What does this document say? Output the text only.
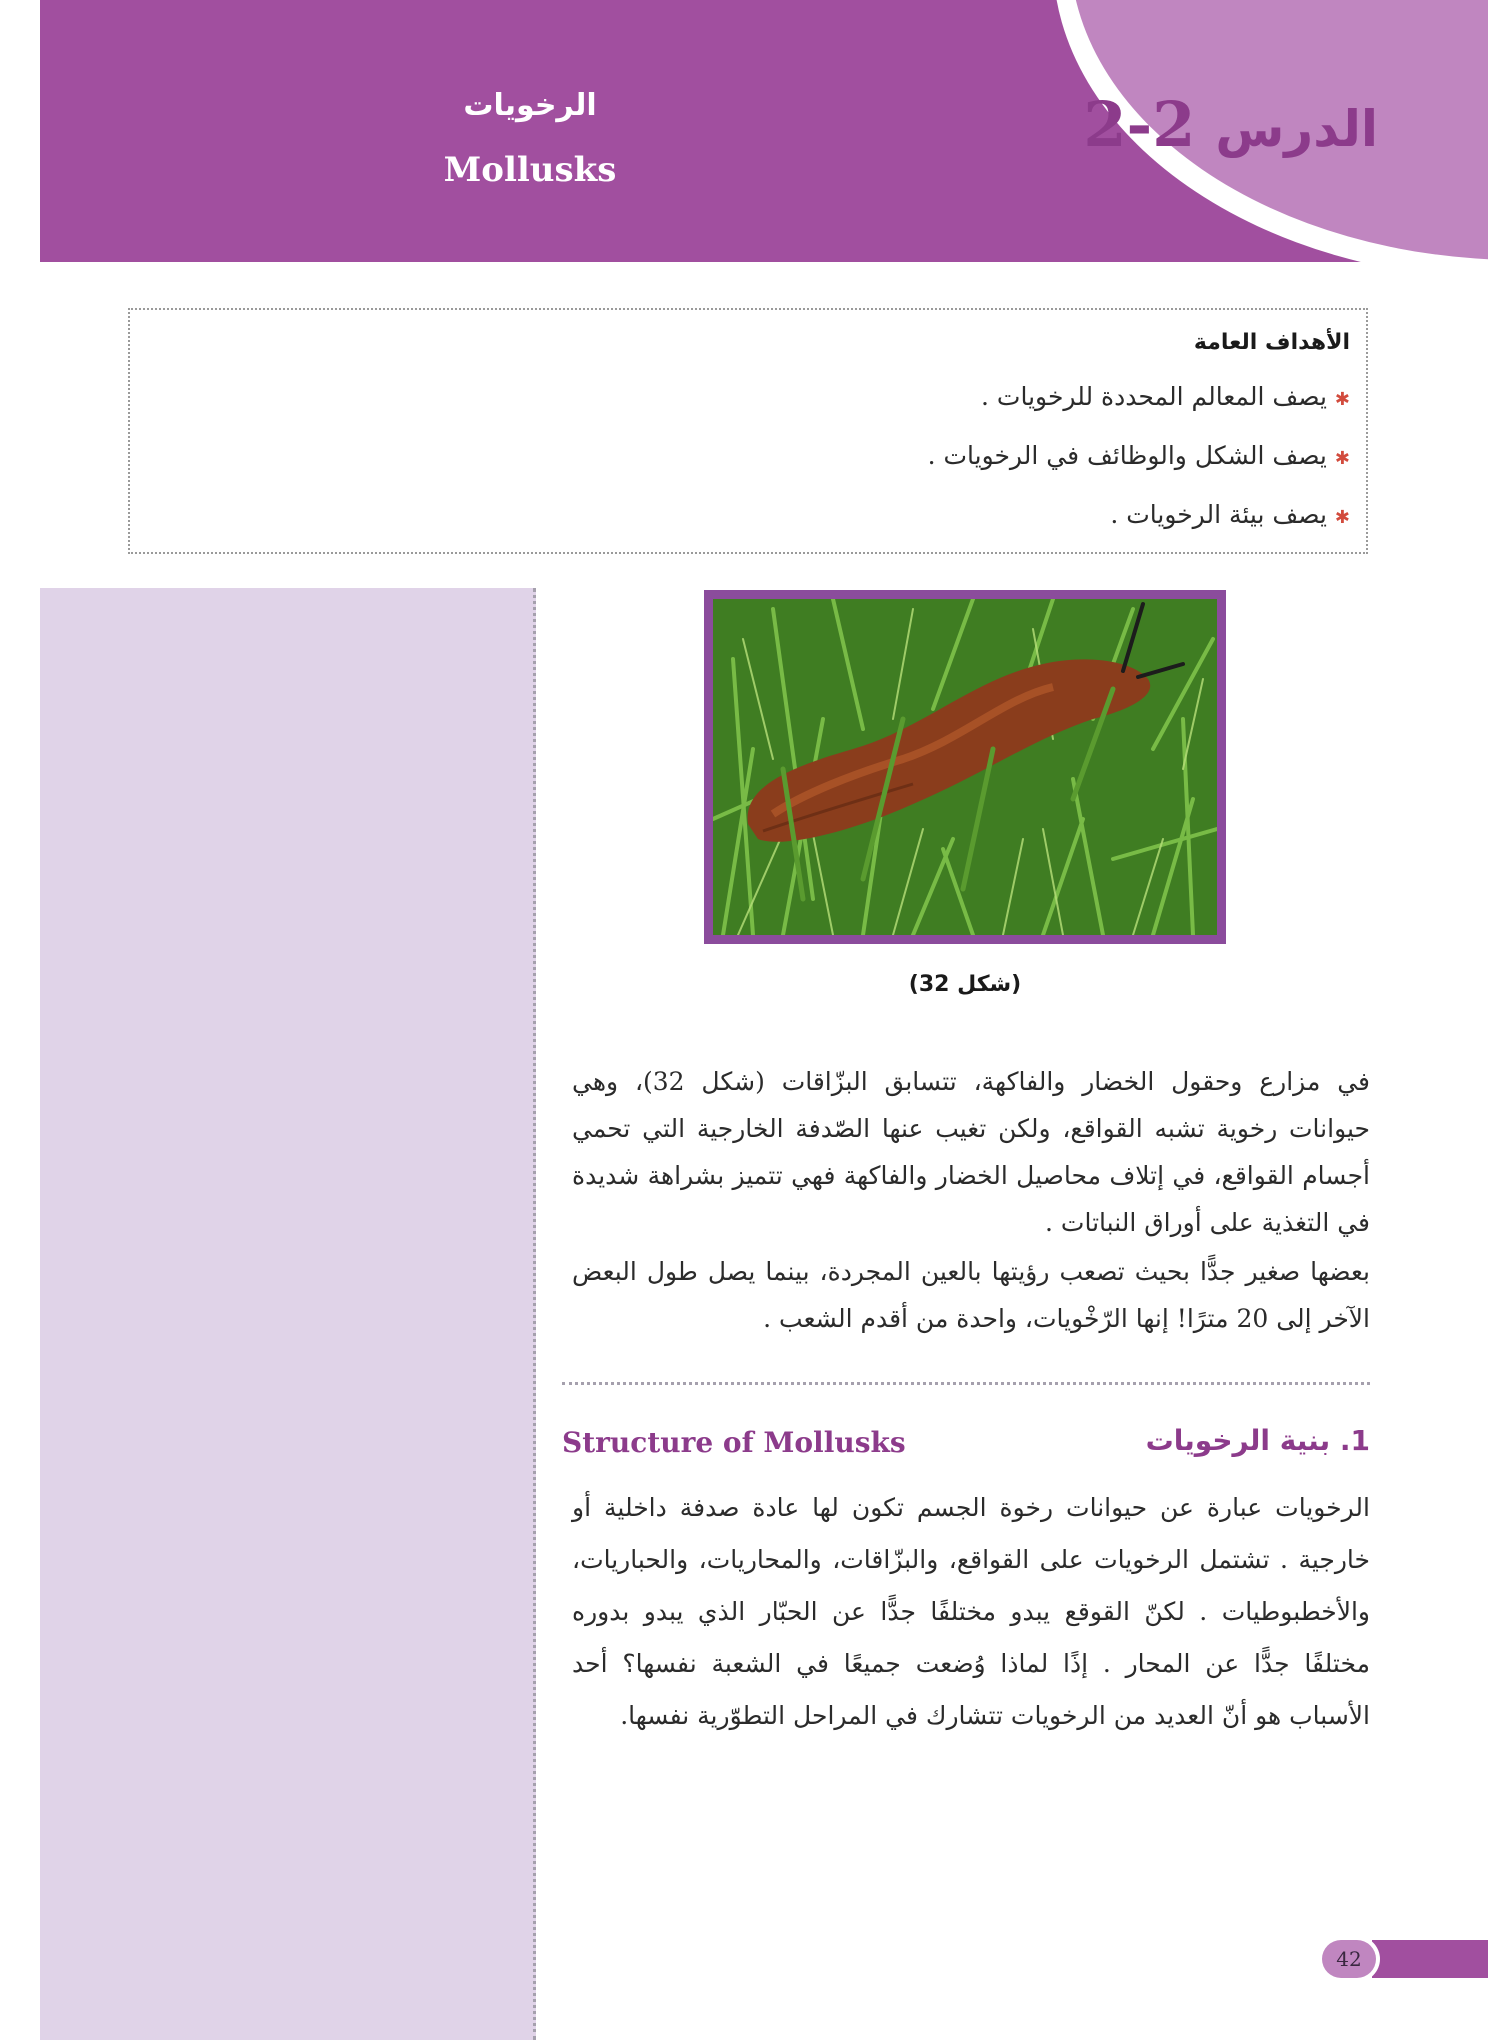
الدرس
2-2
الرخويات
Mollusks
الأهداف العامة
✱يصف المعالم المحددة للرخويات .
✱يصف الشكل والوظائف في الرخويات .
✱يصف بيئة الرخويات .
(شكل 32)
في مزارع وحقول الخضار والفاكهة، تتسابق البزّاقات (شكل 32)، وهي حيوانات رخوية تشبه القواقع، ولكن تغيب عنها الصّدفة الخارجية التي تحمي أجسام القواقع، في إتلاف محاصيل الخضار والفاكهة فهي تتميز بشراهة شديدة في التغذية على أوراق النباتات .
بعضها صغير جدًّا بحيث تصعب رؤيتها بالعين المجردة، بينما يصل طول البعض الآخر إلى 20 مترًا! إنها الرّخْويات، واحدة من أقدم الشعب .
1. بنية الرخويات
Structure of Mollusks
الرخويات عبارة عن حيوانات رخوة الجسم تكون لها عادة صدفة داخلية أو خارجية . تشتمل الرخويات على القواقع، والبزّاقات، والمحاريات، والحباريات، والأخطبوطيات . لكنّ القوقع يبدو مختلفًا جدًّا عن الحبّار الذي يبدو بدوره مختلفًا جدًّا عن المحار . إذًا لماذا وُضعت جميعًا في الشعبة نفسها؟ أحد الأسباب هو أنّ العديد من الرخويات تتشارك في المراحل التطوّرية نفسها.
42
